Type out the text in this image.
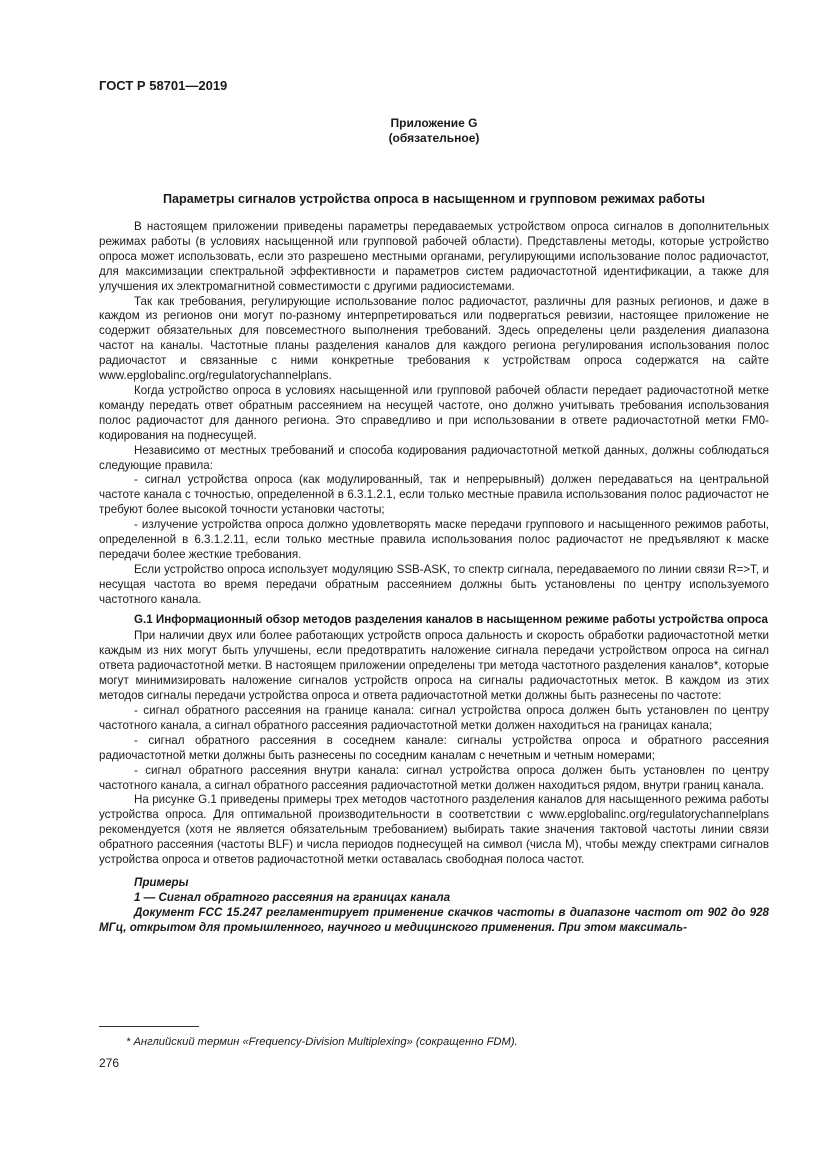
ГОСТ Р 58701—2019
Приложение G
(обязательное)
Параметры сигналов устройства опроса в насыщенном и групповом режимах работы

В настоящем приложении приведены параметры передаваемых устройством опроса сигналов в дополнительных режимах работы (в условиях насыщенной или групповой рабочей области). Представлены методы, которые устройство опроса может использовать, если это разрешено местными органами, регулирующими использование полос радиочастот, для максимизации спектральной эффективности и параметров систем радиочастотной идентификации, а также для улучшения их электромагнитной совместимости с другими радиосистемами.

Так как требования, регулирующие использование полос радиочастот, различны для разных регионов, и даже в каждом из регионов они могут по-разному интерпретироваться или подвергаться ревизии, настоящее приложение не содержит обязательных для повсеместного выполнения требований. Здесь определены цели разделения диапазона частот на каналы. Частотные планы разделения каналов для каждого региона регулирования использования полос радиочастот и связанные с ними конкретные требования к устройствам опроса содержатся на сайте www.epglobalinc.org/regulatorychannelplans.

Когда устройство опроса в условиях насыщенной или групповой рабочей области передает радиочастотной метке команду передать ответ обратным рассеянием на несущей частоте, оно должно учитывать требования использования полос радиочастот для данного региона. Это справедливо и при использовании в ответе радиочастотной метки FM0-кодирования на поднесущей.

Независимо от местных требований и способа кодирования радиочастотной меткой данных, должны соблюдаться следующие правила:

- сигнал устройства опроса (как модулированный, так и непрерывный) должен передаваться на центральной частоте канала с точностью, определенной в 6.3.1.2.1, если только местные правила использования полос радиочастот не требуют более высокой точности установки частоты;

- излучение устройства опроса должно удовлетворять маске передачи группового и насыщенного режимов работы, определенной в 6.3.1.2.11, если только местные правила использования полос радиочастот не предъявляют к маске передачи более жесткие требования.

Если устройство опроса использует модуляцию SSB-ASK, то спектр сигнала, передаваемого по линии связи R=>T, и несущая частота во время передачи обратным рассеянием должны быть установлены по центру используемого частотного канала.

G.1 Информационный обзор методов разделения каналов в насыщенном режиме работы устройства опроса

При наличии двух или более работающих устройств опроса дальность и скорость обработки радиочастотной метки каждым из них могут быть улучшены, если предотвратить наложение сигнала передачи устройством опроса на сигнал ответа радиочастотной метки. В настоящем приложении определены три метода частотного разделения каналов*, которые могут минимизировать наложение сигналов устройств опроса на сигналы радиочастотных меток. В каждом из этих методов сигналы передачи устройства опроса и ответа радиочастотной метки должны быть разнесены по частоте:

- сигнал обратного рассеяния на границе канала: сигнал устройства опроса должен быть установлен по центру частотного канала, а сигнал обратного рассеяния радиочастотной метки должен находиться на границах канала;

- сигнал обратного рассеяния в соседнем канале: сигналы устройства опроса и обратного рассеяния радиочастотной метки должны быть разнесены по соседним каналам с нечетным и четным номерами;

- сигнал обратного рассеяния внутри канала: сигнал устройства опроса должен быть установлен по центру частотного канала, а сигнал обратного рассеяния радиочастотной метки должен находиться рядом, внутри границ канала.

На рисунке G.1 приведены примеры трех методов частотного разделения каналов для насыщенного режима работы устройства опроса. Для оптимальной производительности в соответствии с www.epglobalinc.org/regulatorychannelplans рекомендуется (хотя не является обязательным требованием) выбирать такие значения тактовой частоты линии связи обратного рассеяния (частоты BLF) и числа периодов поднесущей на символ (числа M), чтобы между спектрами сигналов устройства опроса и ответов радиочастотной метки оставалась свободная полоса частот.

Примеры

1 — Сигнал обратного рассеяния на границах канала

Документ FCC 15.247 регламентирует применение скачков частоты в диапазоне частот от 902 до 928 МГц, открытом для промышленного, научного и медицинского применения. При этом максималь-

* Английский термин «Frequency-Division Multiplexing» (сокращенно FDM).
276
